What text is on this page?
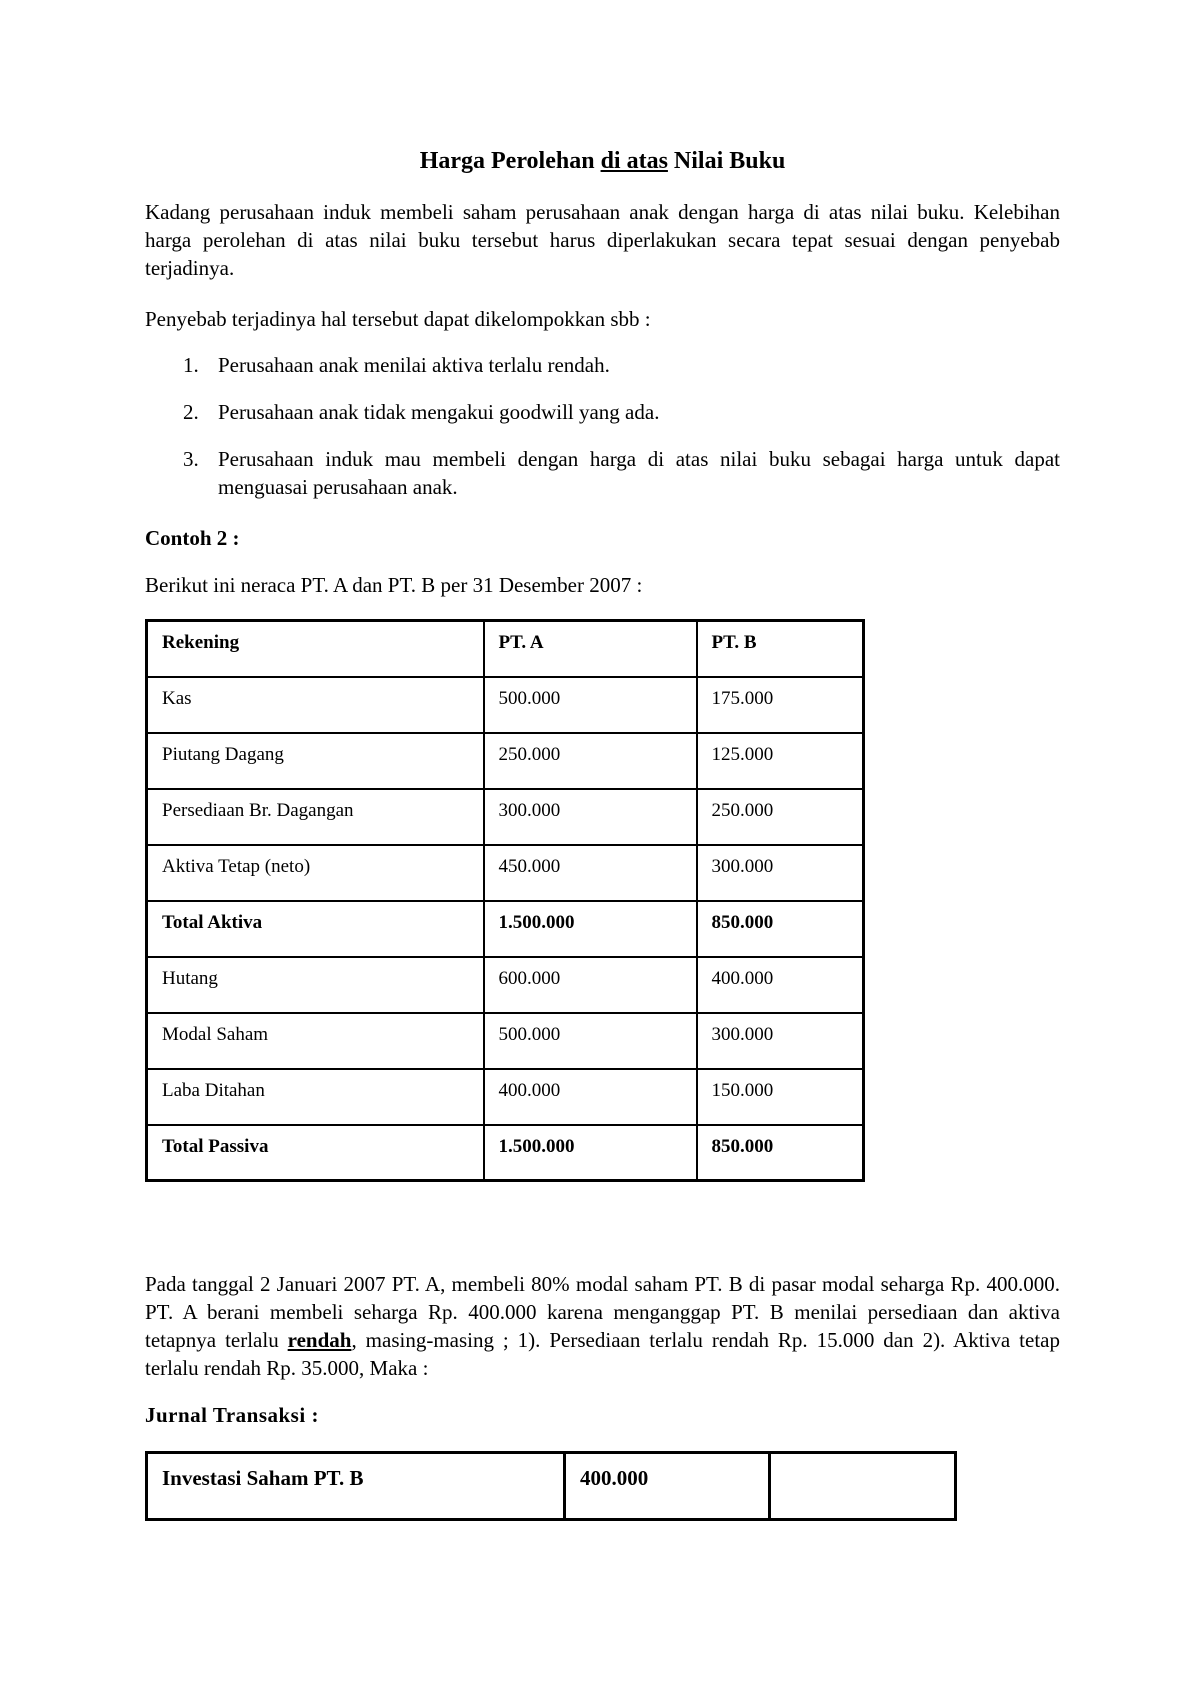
Harga Perolehan di atas Nilai Buku

Kadang perusahaan induk membeli saham perusahaan anak dengan harga di atas nilai buku. Kelebihan harga perolehan di atas nilai buku tersebut harus diperlakukan secara tepat sesuai dengan penyebab terjadinya.

Penyebab terjadinya hal tersebut dapat dikelompokkan sbb :

1. Perusahaan anak menilai aktiva terlalu rendah.
2. Perusahaan anak tidak mengakui goodwill yang ada.
3. Perusahaan induk mau membeli dengan harga di atas nilai buku sebagai harga untuk dapat menguasai perusahaan anak.
Contoh 2 :
Berikut ini neraca PT. A dan PT. B per 31 Desember 2007 :
Rekening	PT. A	PT. B
Kas	500.000	175.000
Piutang Dagang	250.000	125.000
Persediaan Br. Dagangan	300.000	250.000
Aktiva Tetap (neto)	450.000	300.000
Total Aktiva	1.500.000	850.000
Hutang	600.000	400.000
Modal Saham	500.000	300.000
Laba Ditahan	400.000	150.000
Total Passiva	1.500.000	850.000

Pada tanggal 2 Januari 2007 PT. A, membeli 80% modal saham PT. B di pasar modal seharga Rp. 400.000. PT. A berani membeli seharga Rp. 400.000 karena menganggap PT. B menilai persediaan dan aktiva tetapnya terlalu rendah, masing-masing ; 1). Persediaan terlalu rendah Rp. 15.000 dan 2). Aktiva tetap terlalu rendah Rp. 35.000, Maka :

Jurnal Transaksi :
Investasi Saham PT. B	400.000	
